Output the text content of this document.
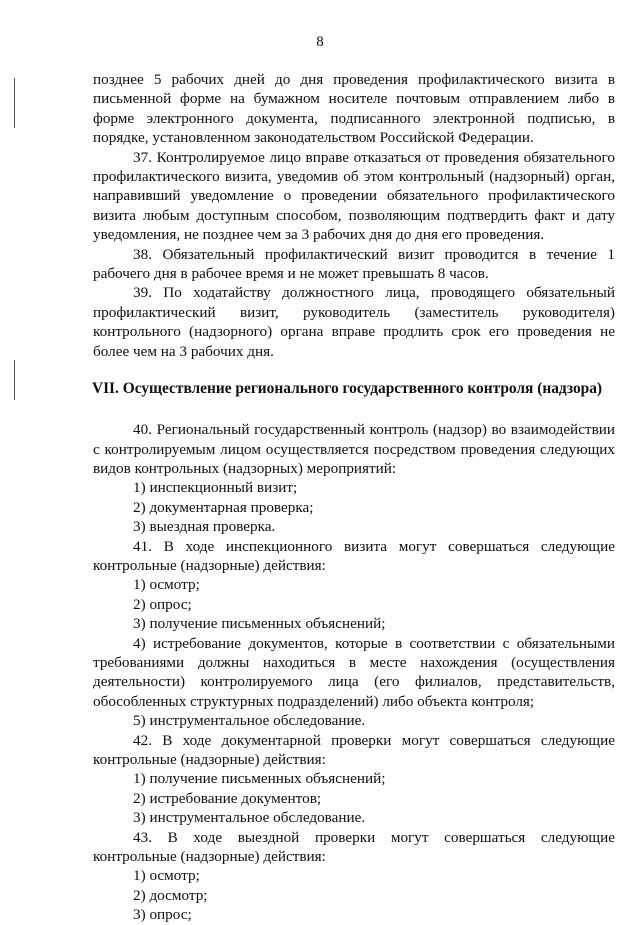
8

позднее 5 рабочих дней до дня проведения профилактического визита в письменной форме на бумажном носителе почтовым отправлением либо в форме электронного документа, подписанного электронной подписью, в порядке, установленном законодательством Российской Федерации.

37. Контролируемое лицо вправе отказаться от проведения обязательного профилактического визита, уведомив об этом контрольный (надзорный) орган, направивший уведомление о проведении обязательного профилактического визита любым доступным способом, позволяющим подтвердить факт и дату уведомления, не позднее чем за 3 рабочих дня до дня его проведения.

38. Обязательный профилактический визит проводится в течение 1 рабочего дня в рабочее время и не может превышать 8 часов.

39. По ходатайству должностного лица, проводящего обязательный профилактический визит, руководитель (заместитель руководителя) контрольного (надзорного) органа вправе продлить срок его проведения не более чем на 3 рабочих дня.

VII. Осуществление регионального государственного контроля (надзора)

40. Региональный государственный контроль (надзор) во взаимодействии с контролируемым лицом осуществляется посредством проведения следующих видов контрольных (надзорных) мероприятий:

1) инспекционный визит;

2) документарная проверка;

3) выездная проверка.

41. В ходе инспекционного визита могут совершаться следующие контрольные (надзорные) действия:

1) осмотр;

2) опрос;

3) получение письменных объяснений;

4) истребование документов, которые в соответствии с обязательными требованиями должны находиться в месте нахождения (осуществления деятельности) контролируемого лица (его филиалов, представительств, обособленных структурных подразделений) либо объекта контроля;

5) инструментальное обследование.

42. В ходе документарной проверки могут совершаться следующие контрольные (надзорные) действия:

1) получение письменных объяснений;

2) истребование документов;

3) инструментальное обследование.

43. В ходе выездной проверки могут совершаться следующие контрольные (надзорные) действия:

1) осмотр;

2) досмотр;

3) опрос;
